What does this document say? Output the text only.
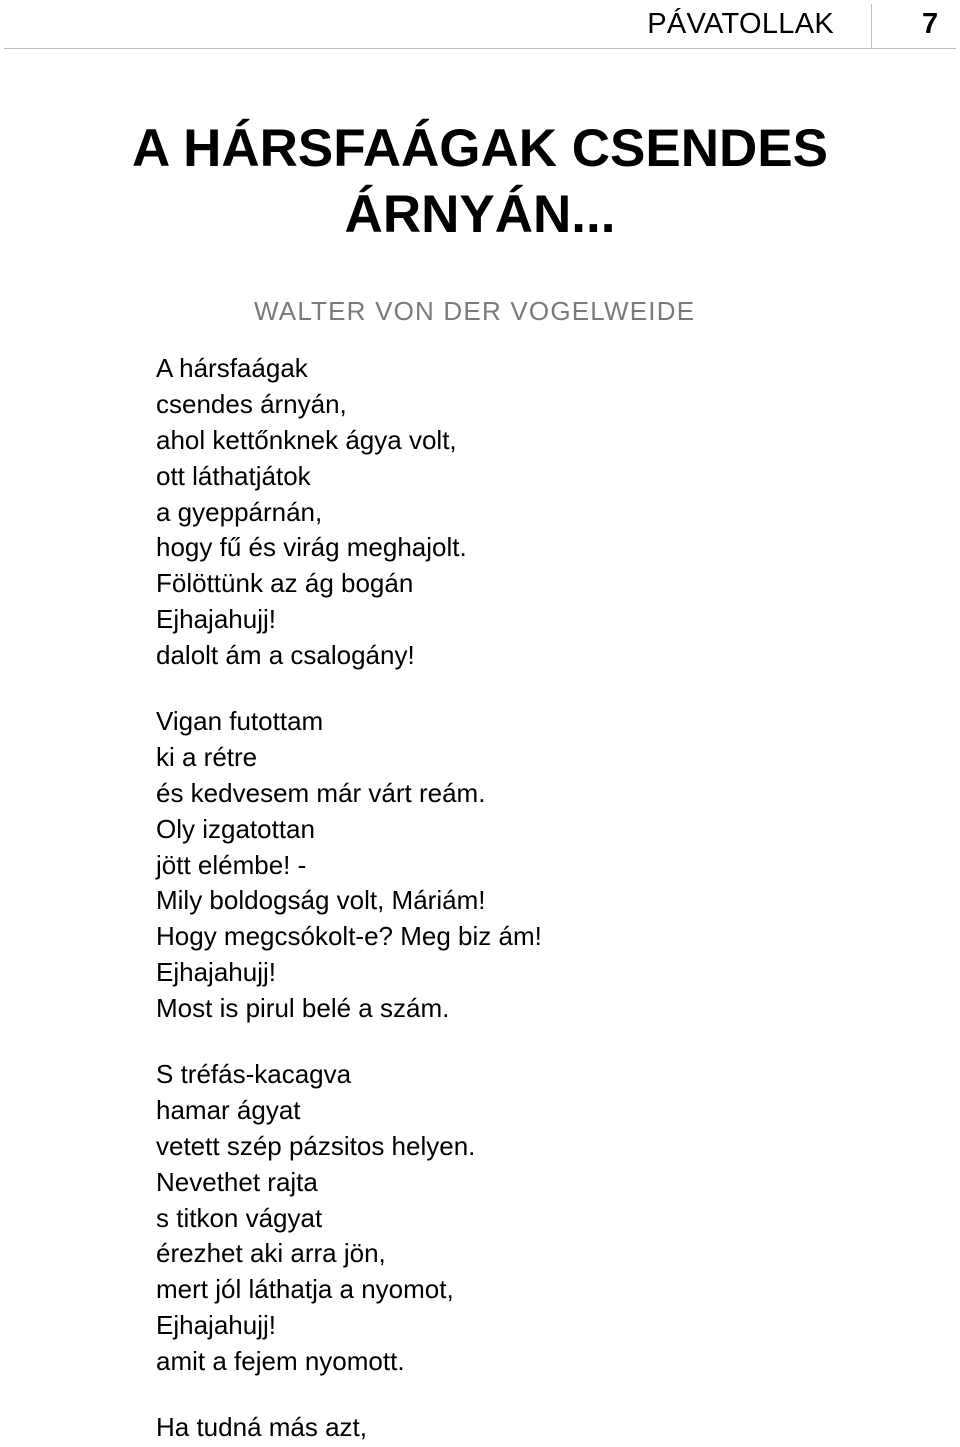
PÁVATOLLAK	7
A HÁRSFAÁGAK CSENDES
ÁRNYÁN...
WALTER VON DER VOGELWEIDE
A hársfaágak
csendes árnyán,
ahol kettőnknek ágya volt,
ott láthatjátok
a gyeppárnán,
hogy fű és virág meghajolt.
Fölöttünk az ág bogán
Ejhajahujj!
dalolt ám a csalogány!
Vigan futottam
ki a rétre
és kedvesem már várt reám.
Oly izgatottan
jött elémbe! -
Mily boldogság volt, Máriám!
Hogy megcsókolt-e? Meg biz ám!
Ejhajahujj!
Most is pirul belé a szám.
S tréfás-kacagva
hamar ágyat
vetett szép pázsitos helyen.
Nevethet rajta
s titkon vágyat
érezhet aki arra jön,
mert jól láthatja a nyomot,
Ejhajahujj!
amit a fejem nyomott.
Ha tudná más azt,
